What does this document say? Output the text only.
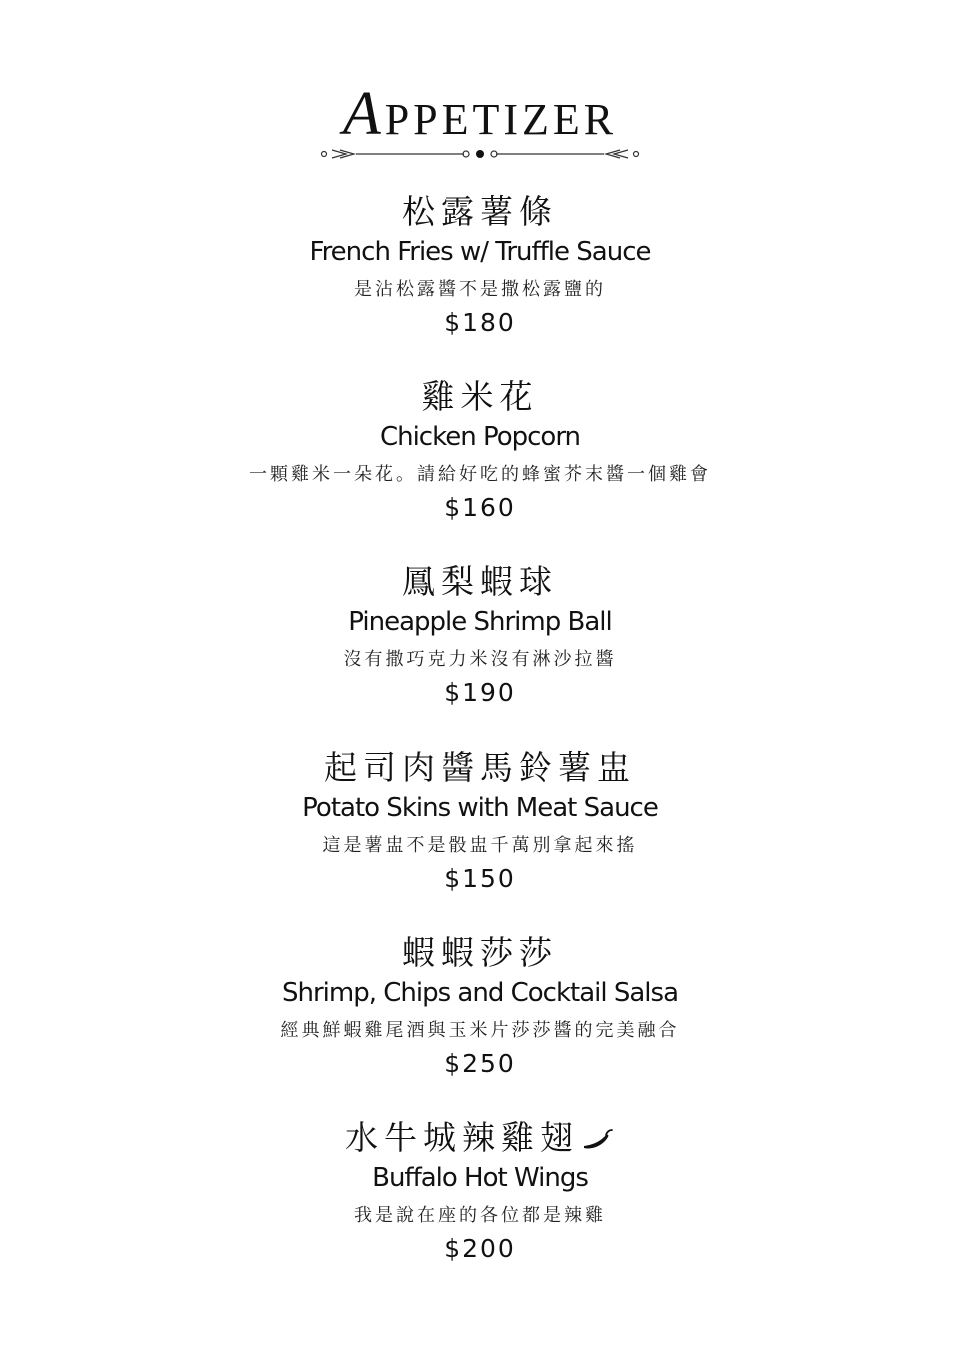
APPETIZER
松露薯條
French Fries w/ Truffle Sauce
是沾松露醬不是撒松露鹽的
$180
雞米花
Chicken Popcorn
一顆雞米一朵花。請給好吃的蜂蜜芥末醬一個雞會
$160
鳳梨蝦球
Pineapple Shrimp Ball
沒有撒巧克力米沒有淋沙拉醬
$190
起司肉醬馬鈴薯盅
Potato Skins with Meat Sauce
這是薯盅不是骰盅千萬別拿起來搖
$150
蝦蝦莎莎
Shrimp, Chips and Cocktail Salsa
經典鮮蝦雞尾酒與玉米片莎莎醬的完美融合
$250
水牛城辣雞翅
Buffalo Hot Wings
我是說在座的各位都是辣雞
$200
